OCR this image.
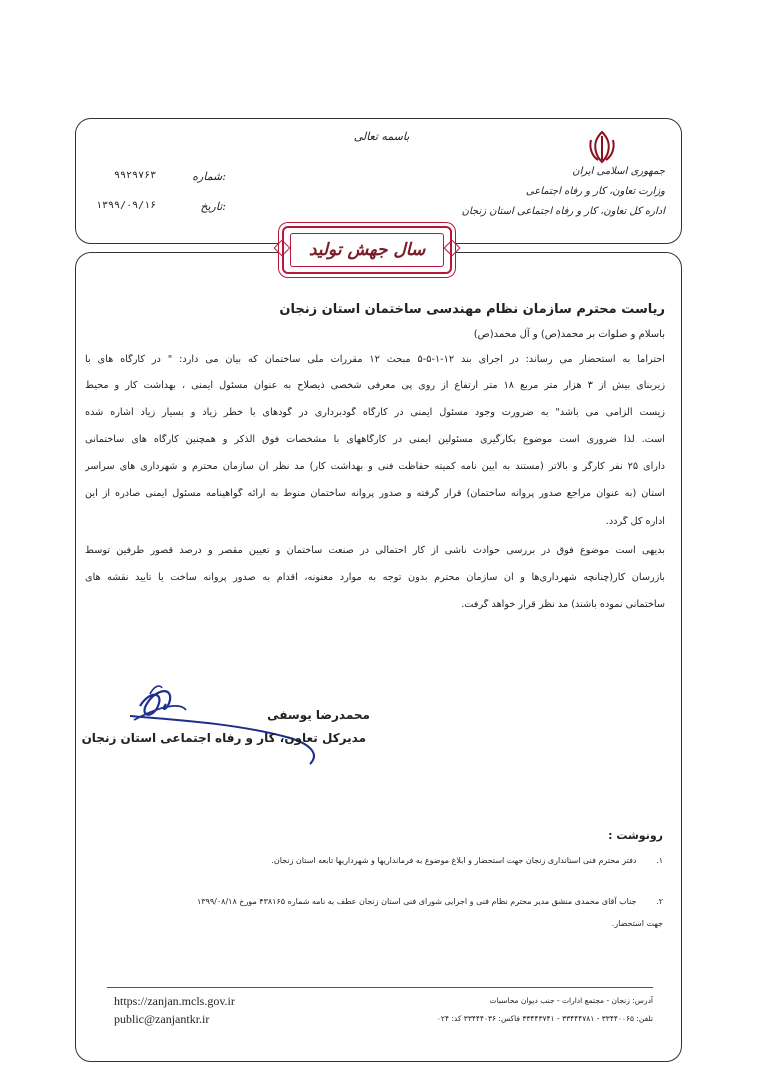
باسمه تعالی
جمهوری اسلامی ایران
وزارت تعاون، کار و رفاه اجتماعی
اداره کل تعاون، کار و رفاه اجتماعی استان زنجان
شماره:
۹۹۲۹۷۶۳
تاریخ:
۱۳۹۹/۰۹/۱۶
سال جهش تولید
ریاست محترم سازمان نظام مهندسی ساختمان استان زنجان
باسلام و صلوات بر محمد(ص) و آل محمد(ص)
احتراماً به استحضار می رساند: در اجرای بند ۱۲-۱-۵-۵ مبحث ۱۲ مقررات ملی ساختمان که بیان می دارد: " در کارگاه های با
زیربنای بیش از ۳ هزار متر مربع ۱۸ متر ارتفاع از روی پی معرفی شخصی ذیصلاح به عنوان مسئول ایمنی ، بهداشت کار و محیط
زیست الزامی می باشد" به ضرورت وجود مسئول ایمنی در کارگاه گودبرداری در گودهای با خطر زیاد و بسیار زیاد اشاره شده
است. لذا ضروری است موضوع بکارگیری مسئولین ایمنی در کارگاههای با مشخصات فوق الذکر و همچنین کارگاه های ساختمانی
دارای ۲۵ نفر کارگر و بالاتر (مستند به آیین نامه کمیته حفاظت فنی و بهداشت کار) مد نظر آن سازمان محترم و شهرداری های سراسر
استان (به عنوان مراجع صدور پروانه ساختمان) قرار گرفته و صدور پروانه ساختمان منوط به ارائه گواهینامه مسئول ایمنی صادره از این
اداره کل گردد.
بدیهی است موضوع فوق در بررسی حوادث ناشی از کار احتمالی در صنعت ساختمان و تعیین مقصر و درصد قصور طرفین توسط
بازرسان کار(چنانچه شهرداری‌ها و آن سازمان محترم بدون توجه به موارد معنونه، اقدام به صدور پروانه ساخت یا تایید نقشه های
ساختمانی نموده باشند) مد نظر قرار خواهد گرفت.
محمدرضا یوسفی
مدیرکل تعاون، کار و رفاه اجتماعی استان زنجان
رونوشت :
۱. دفتر محترم فنی استانداری زنجان جهت استحضار و ابلاغ موضوع به فرمانداریها و شهرداریها تابعه استان زنجان.
۲. جناب آقای محمدی منشق مدیر محترم نظام فنی و اجرایی شورای فنی استان زنجان عطف به نامه شماره ۴۳۸۱۶۵ مورخ ۱۳۹۹/۰۸/۱۸
جهت استحضار.
https://zanjan.mcls.gov.ir
public@zanjantkr.ir
آدرس: زنجان - مجتمع ادارات - جنب دیوان محاسبات
تلفن: ۳۳۴۴۰۰۶۵ - ۳۳۴۴۴۷۸۱ - ۳۳۴۴۳۷۴۱ فاکس: ۳۳۴۴۴۰۳۶ کد: ۰۲۴
